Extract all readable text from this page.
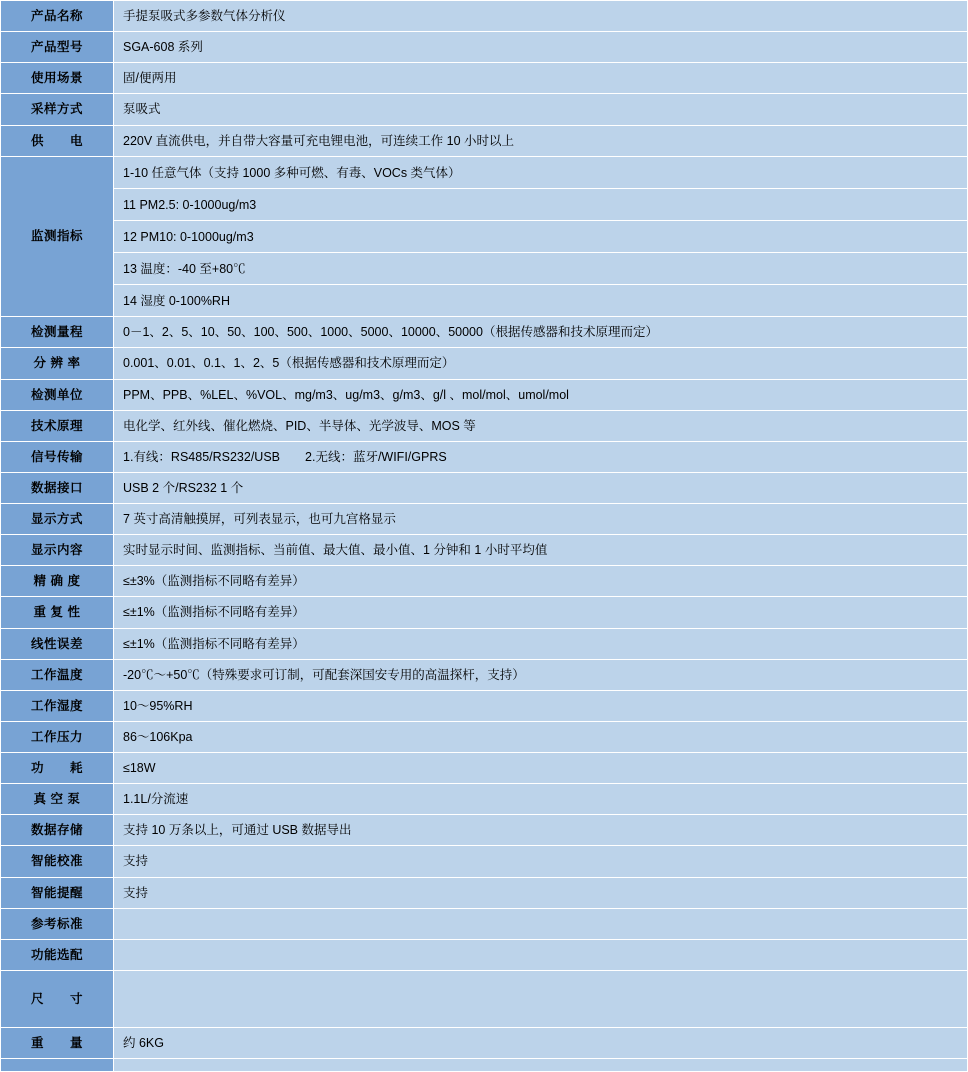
产品名称	手提泵吸式多参数气体分析仪
产品型号	SGA-608 系列
使用场景	固/便两用
采样方式	泵吸式
供　　电	220V 直流供电，并自带大容量可充电锂电池，可连续工作 10 小时以上
监测指标	1-10 任意气体（支持 1000 多种可燃、有毒、VOCs 类气体）
11 PM2.5: 0-1000ug/m3
12 PM10: 0-1000ug/m3
13 温度：-40 至+80℃
14 湿度 0-100%RH

检测量程	0－1、2、5、10、50、100、500、1000、5000、10000、50000（根据传感器和技术原理而定）
分 辨 率	0.001、0.01、0.1、1、2、5（根据传感器和技术原理而定）
检测单位	PPM、PPB、%LEL、%VOL、mg/m3、ug/m3、g/m3、g/l 、mol/mol、umol/mol
技术原理	电化学、红外线、催化燃烧、PID、半导体、光学波导、MOS 等
信号传输	1.有线：RS485/RS232/USB　　2.无线：蓝牙/WIFI/GPRS
数据接口	USB 2 个/RS232 1 个
显示方式	7 英寸高清触摸屏，可列表显示，也可九宫格显示
显示内容	实时显示时间、监测指标、当前值、最大值、最小值、1 分钟和 1 小时平均值
精 确 度	≤±3%（监测指标不同略有差异）
重 复 性	≤±1%（监测指标不同略有差异）
线性误差	≤±1%（监测指标不同略有差异）
工作温度	-20℃～+50℃（特殊要求可订制，可配套深国安专用的高温探杆，支持）
工作湿度	10～95%RH
工作压力	86～106Kpa
功　　耗	≤18W
真 空 泵	1.1L/分流速
数据存储	支持 10 万条以上，可通过 USB 数据导出
智能校准	支持
智能提醒	支持
参考标准	
功能选配	

尺　　寸	

重　　量	约 6KG
